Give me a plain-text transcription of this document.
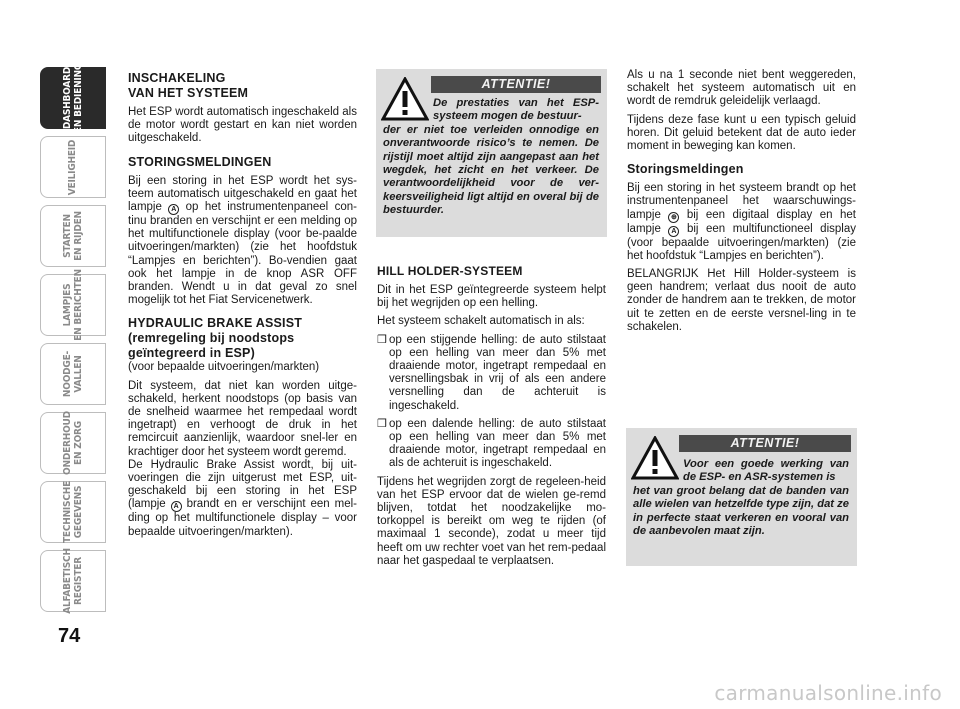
DASHBOARD
EN BEDIENING
VEILIGHEID
STARTEN
EN RIJDEN
LAMPJES
EN BERICHTEN
NOODGE-
VALLEN
ONDERHOUD
EN ZORG
TECHNISCHE
GEGEVENS
ALFABETISCH
REGISTER
74
INSCHAKELING
VAN HET SYSTEEM
Het ESP wordt automatisch ingeschakeld als de motor wordt gestart en kan niet worden uitgeschakeld.
STORINGSMELDINGEN
Bij een storing in het ESP wordt het sys-teem automatisch uitgeschakeld en gaat het lampje A op het instrumentenpaneel con-tinu branden en verschijnt er een melding op het multifunctionele display (voor be-paalde uitvoeringen/markten) (zie het hoofdstuk “Lampjes en berichten”). Bo-vendien gaat ook het lampje in de knop ASR OFF branden. Wendt u in dat geval zo snel mogelijk tot het Fiat Servicenetwerk.
HYDRAULIC BRAKE ASSIST
(remregeling bij noodstops
geïntegreerd in ESP)
(voor bepaalde uitvoeringen/markten)
Dit systeem, dat niet kan worden uitge-schakeld, herkent noodstops (op basis van de snelheid waarmee het rempedaal wordt ingetrapt) en verhoogt de druk in het remcircuit aanzienlijk, waardoor snel-ler en krachtiger door het systeem wordt geremd.
De Hydraulic Brake Assist wordt, bij uit-voeringen die zijn uitgerust met ESP, uit-geschakeld bij een storing in het ESP (lampje A brandt en er verschijnt een mel-ding op het multifunctionele display – voor bepaalde uitvoeringen/markten).
ATTENTIE!
De prestaties van het ESP-systeem mogen de bestuur-
der er niet toe verleiden onnodige en onverantwoorde risico’s te nemen. De rijstijl moet altijd zijn aangepast aan het wegdek, het zicht en het verkeer. De verantwoordelijkheid voor de ver-keersveiligheid ligt altijd en overal bij de bestuurder.
HILL HOLDER-SYSTEEM
Dit in het ESP geïntegreerde systeem helpt bij het wegrijden op een helling.
Het systeem schakelt automatisch in als:
❒ op een stijgende helling: de auto stilstaat op een helling van meer dan 5% met draaiende motor, ingetrapt rempedaal en versnellingsbak in vrij of als een andere versnelling dan de achteruit is ingeschakeld.
❒ op een dalende helling: de auto stilstaat op een helling van meer dan 5% met draaiende motor, ingetrapt rempedaal en als de achteruit is ingeschakeld.
Tijdens het wegrijden zorgt de regeleen-heid van het ESP ervoor dat de wielen ge-remd blijven, totdat het noodzakelijke mo-torkoppel is bereikt om weg te rijden (of maximaal 1 seconde), zodat u meer tijd heeft om uw rechter voet van het rem-pedaal naar het gaspedaal te verplaatsen.
Als u na 1 seconde niet bent weggereden, schakelt het systeem automatisch uit en wordt de remdruk geleidelijk verlaagd.
Tijdens deze fase kunt u een typisch geluid horen. Dit geluid betekent dat de auto ieder moment in beweging kan komen.
Storingsmeldingen
Bij een storing in het systeem brandt op het instrumentenpaneel het waarschuwings-lampje ⊕ bij een digitaal display en het lampje A bij een multifunctioneel display (voor bepaalde uitvoeringen/markten) (zie het hoofdstuk “Lampjes en berichten”).
BELANGRIJK Het Hill Holder-systeem is geen handrem; verlaat dus nooit de auto zonder de handrem aan te trekken, de motor uit te zetten en de eerste versnel-ling in te schakelen.
ATTENTIE!
Voor een goede werking van de ESP- en ASR-systemen is
het van groot belang dat de banden van alle wielen van hetzelfde type zijn, dat ze in perfecte staat verkeren en vooral van de aanbevolen maat zijn.
carmanualsonline.info
